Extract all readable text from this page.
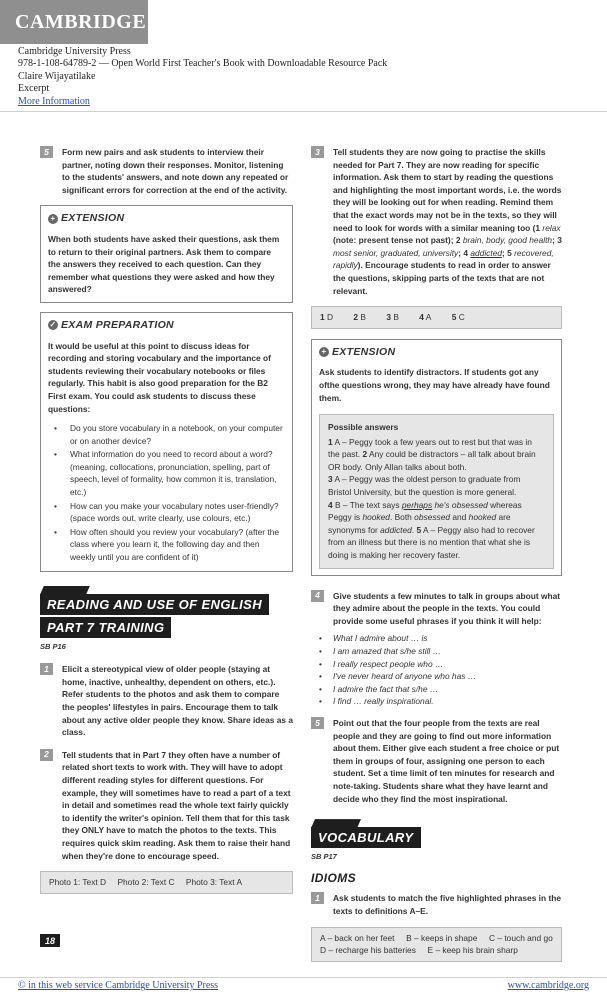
CAMBRIDGE
Cambridge University Press
978-1-108-64789-2 — Open World First Teacher's Book with Downloadable Resource Pack
Claire Wijayatilake
Excerpt
More Information
5	Form new pairs and ask students to interview their partner, noting down their responses. Monitor, listening to the students' answers, and note down any repeated or significant errors for correction at the end of the activity.
+ EXTENSION
When both students have asked their questions, ask them to return to their original partners. Ask them to compare the answers they received to each question. Can they remember what questions they were asked and how they answered?
✓ EXAM PREPARATION
It would be useful at this point to discuss ideas for recording and storing vocabulary and the importance of students reviewing their vocabulary notebooks or files regularly. This habit is also good preparation for the B2 First exam. You could ask students to discuss these questions:
• Do you store vocabulary in a notebook, on your computer or on another device?
• What information do you need to record about a word? (meaning, collocations, pronunciation, spelling, part of speech, level of formality, how common it is, translation, etc.)
• How can you make your vocabulary notes user-friendly? (space words out, write clearly, use colours, etc.)
• How often should you review your vocabulary? (after the class where you learn it, the following day and then weekly until you are confident of it)
READING AND USE OF ENGLISH
PART 7 TRAINING
SB P16
1	Elicit a stereotypical view of older people (staying at home, inactive, unhealthy, dependent on others, etc.). Refer students to the photos and ask them to compare the peoples' lifestyles in pairs. Encourage them to talk about any active older people they know. Share ideas as a class.
2	Tell students that in Part 7 they often have a number of related short texts to work with. They will have to adopt different reading styles for different questions. For example, they will sometimes have to read a part of a text in detail and sometimes read the whole text fairly quickly to identify the writer's opinion. Tell them that for this task they ONLY have to match the photos to the texts. This requires quick skim reading. Ask them to raise their hand when they're done to encourage speed.
Photo 1: Text D Photo 2: Text C Photo 3: Text A
3	Tell students they are now going to practise the skills needed for Part 7. They are now reading for specific information. Ask them to start by reading the questions and highlighting the most important words, i.e. the words they will be looking out for when reading. Remind them that the exact words may not be in the texts, so they will need to look for words with a similar meaning too (1 relax (note: present tense not past); 2 brain, body, good health; 3 most senior, graduated, university; 4 addicted; 5 recovered, rapidly). Encourage students to read in order to answer the questions, skipping parts of the texts that are not relevant.
1 D 2 B 3 B 4 A 5 C
+ EXTENSION
Ask students to identify distractors. If students got any ofthe questions wrong, they may have already have found them.
Possible answers
1 A – Peggy took a few years out to rest but that was in the past. 2 Any could be distractors – all talk about brain OR body. Only Allan talks about both.
3 A – Peggy was the oldest person to graduate from Bristol University, but the question is more general.
4 B – The text says perhaps he's obsessed whereas Peggy is hooked. Both obsessed and hooked are synonyms for addicted. 5 A – Peggy also had to recover from an illness but there is no mention that what she is doing is making her recovery faster.
4	Give students a few minutes to talk in groups about what they admire about the people in the texts. You could provide some useful phrases if you think it will help:
• What I admire about … is
• I am amazed that s/he still …
• I really respect people who …
• I've never heard of anyone who has …
• I admire the fact that s/he …
• I find … really inspirational.
5	Point out that the four people from the texts are real people and they are going to find out more information about them. Either give each student a free choice or put them in groups of four, assigning one person to each student. Set a time limit of ten minutes for research and note-taking. Students share what they have learnt and decide who they find the most inspirational.
VOCABULARY
SB P17
IDIOMS
1	Ask students to match the five highlighted phrases in the texts to definitions A–E.
A – back on her feet     B – keeps in shape     C – touch and go     D – recharge his batteries     E – keep his brain sharp
18
© in this web service Cambridge University Press	www.cambridge.org
